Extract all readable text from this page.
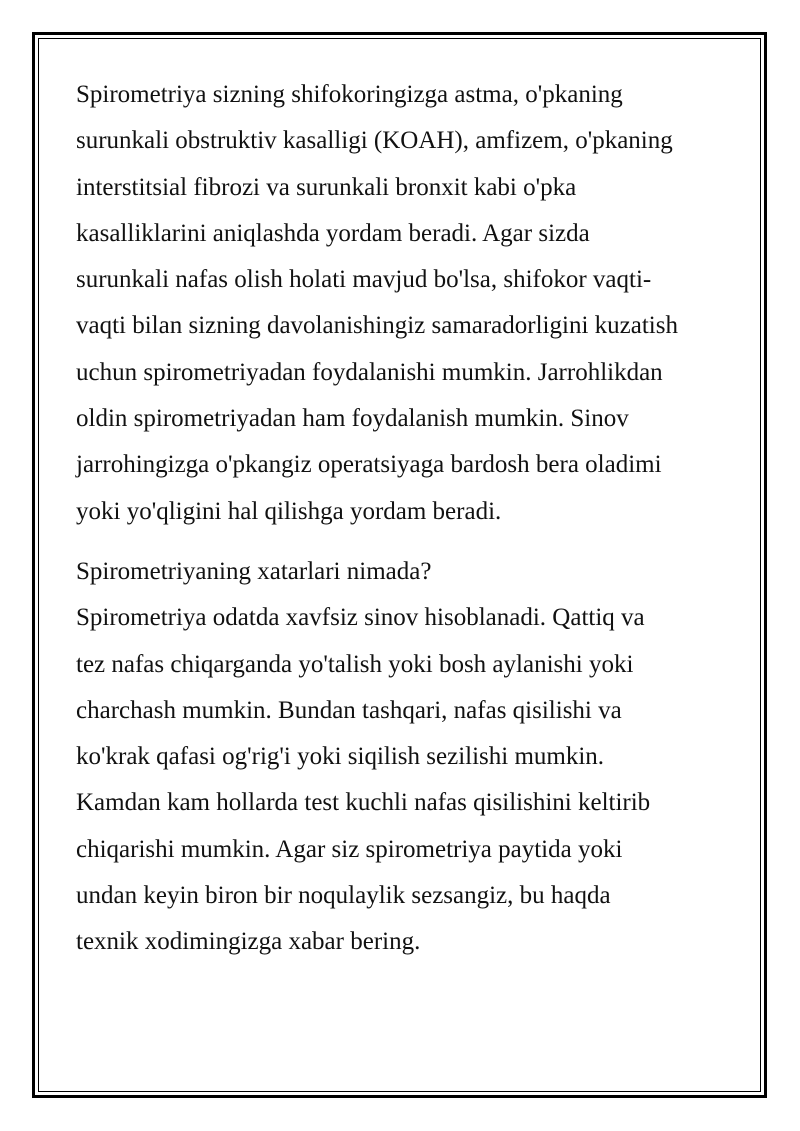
Spirometriya sizning shifokoringizga astma, o'pkaning
surunkali obstruktiv kasalligi (KOAH), amfizem, o'pkaning
interstitsial fibrozi va surunkali bronxit kabi o'pka
kasalliklarini aniqlashda yordam beradi. Agar sizda
surunkali nafas olish holati mavjud bo'lsa, shifokor vaqti-
vaqti bilan sizning davolanishingiz samaradorligini kuzatish
uchun spirometriyadan foydalanishi mumkin. Jarrohlikdan
oldin spirometriyadan ham foydalanish mumkin. Sinov
jarrohingizga o'pkangiz operatsiyaga bardosh bera oladimi
yoki yo'qligini hal qilishga yordam beradi.

Spirometriyaning xatarlari nimada?
Spirometriya odatda xavfsiz sinov hisoblanadi. Qattiq va
tez nafas chiqarganda yo'talish yoki bosh aylanishi yoki
charchash mumkin. Bundan tashqari, nafas qisilishi va
ko'krak qafasi og'rig'i yoki siqilish sezilishi mumkin.
Kamdan kam hollarda test kuchli nafas qisilishini keltirib
chiqarishi mumkin. Agar siz spirometriya paytida yoki
undan keyin biron bir noqulaylik sezsangiz, bu haqda
texnik xodimingizga xabar bering.
